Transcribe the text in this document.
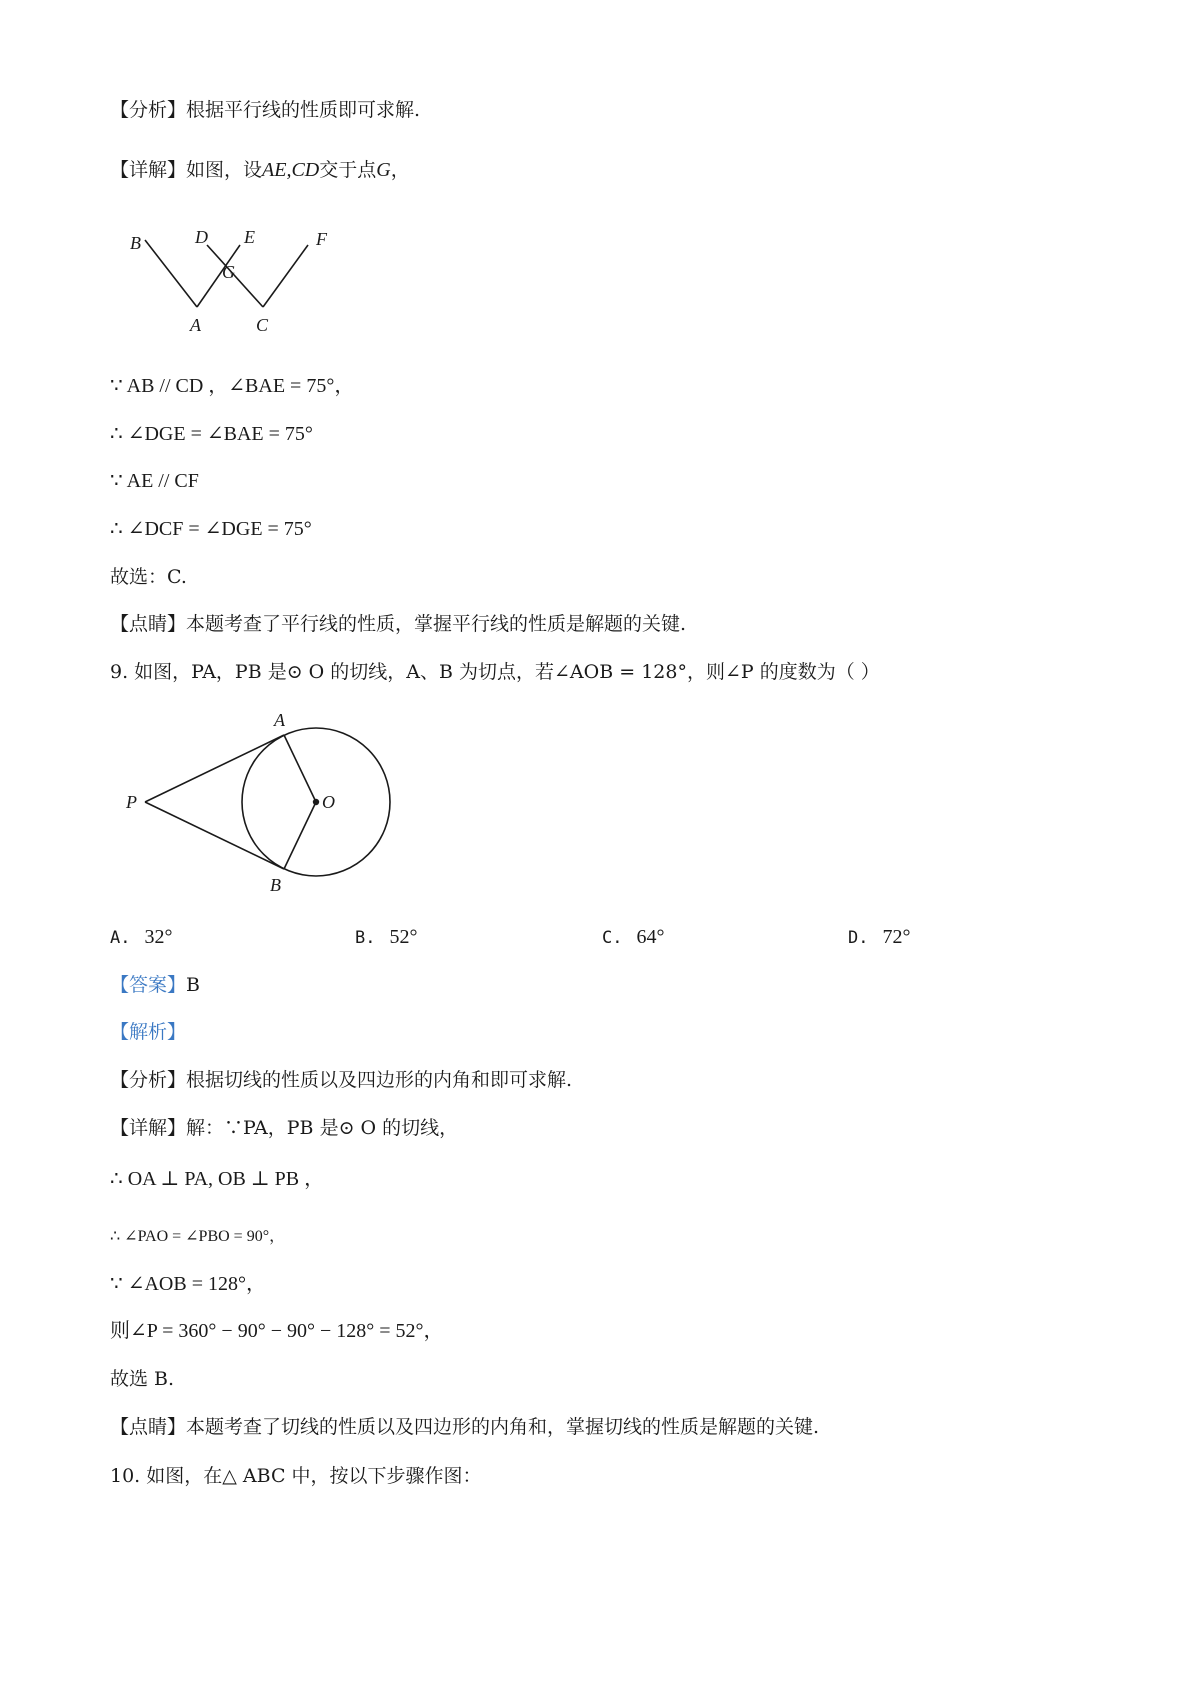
【分析】根据平行线的性质即可求解.

【详解】如图，设AE,CD交于点G，

B	D E	F
G
A	C

∵ AB // CD ，∠BAE = 75°，

∴ ∠DGE = ∠BAE = 75°

∵ AE // CF

∴ ∠DCF = ∠DGE = 75°

故选：C.

【点睛】本题考查了平行线的性质，掌握平行线的性质是解题的关键.

9. 如图，PA，PB 是⊙ O 的切线，A、B 为切点，若∠AOB = 128°，则∠P 的度数为（ ）

A
P	O
B
A. 32°	B. 52°	C. 64°	D. 72°

【答案】B

【解析】

【分析】根据切线的性质以及四边形的内角和即可求解.

【详解】解：∵PA，PB 是⊙ O 的切线，

∴ OA ⊥ PA, OB ⊥ PB ，

∴ ∠PAO = ∠PBO = 90°，

∵ ∠AOB = 128°，

则∠P = 360° − 90° − 90° − 128° = 52°，

故选 B.

【点睛】本题考查了切线的性质以及四边形的内角和，掌握切线的性质是解题的关键.

10. 如图，在△ ABC 中，按以下步骤作图：
